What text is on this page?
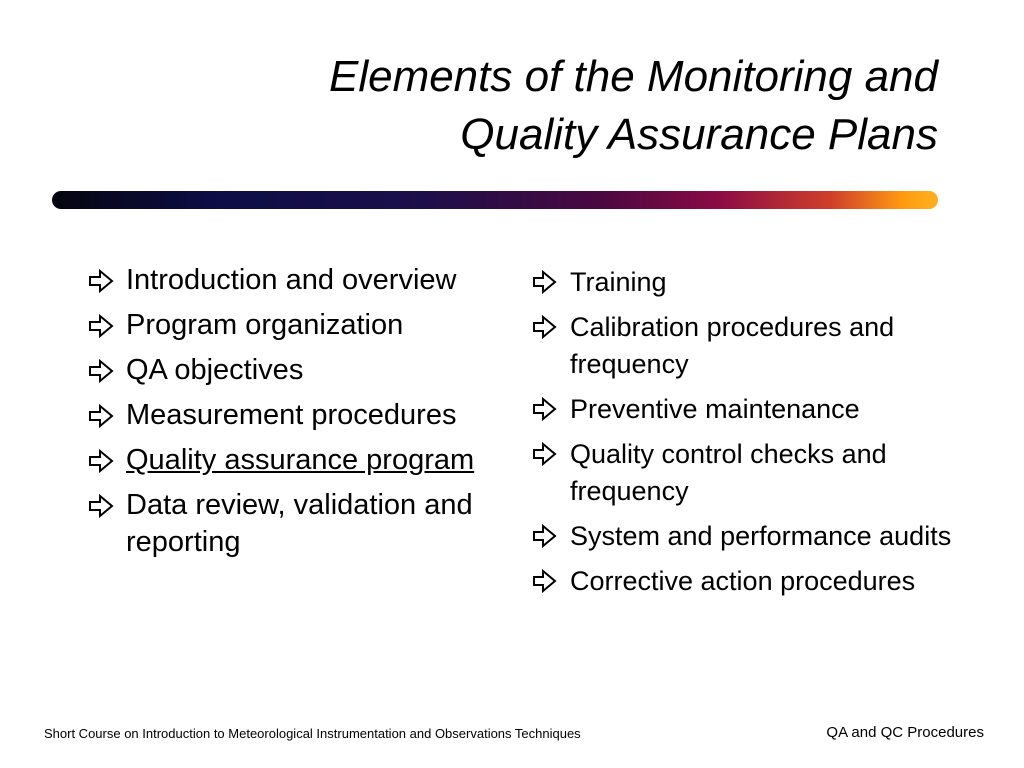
Elements of the Monitoring and
Quality Assurance Plans
Introduction and overview
Program organization
QA objectives
Measurement procedures
Quality assurance program
Data review, validation and reporting
Training
Calibration procedures and frequency
Preventive maintenance
Quality control checks and frequency
System and performance audits
Corrective action procedures
Short Course on Introduction to Meteorological Instrumentation and Observations Techniques	QA and QC Procedures
